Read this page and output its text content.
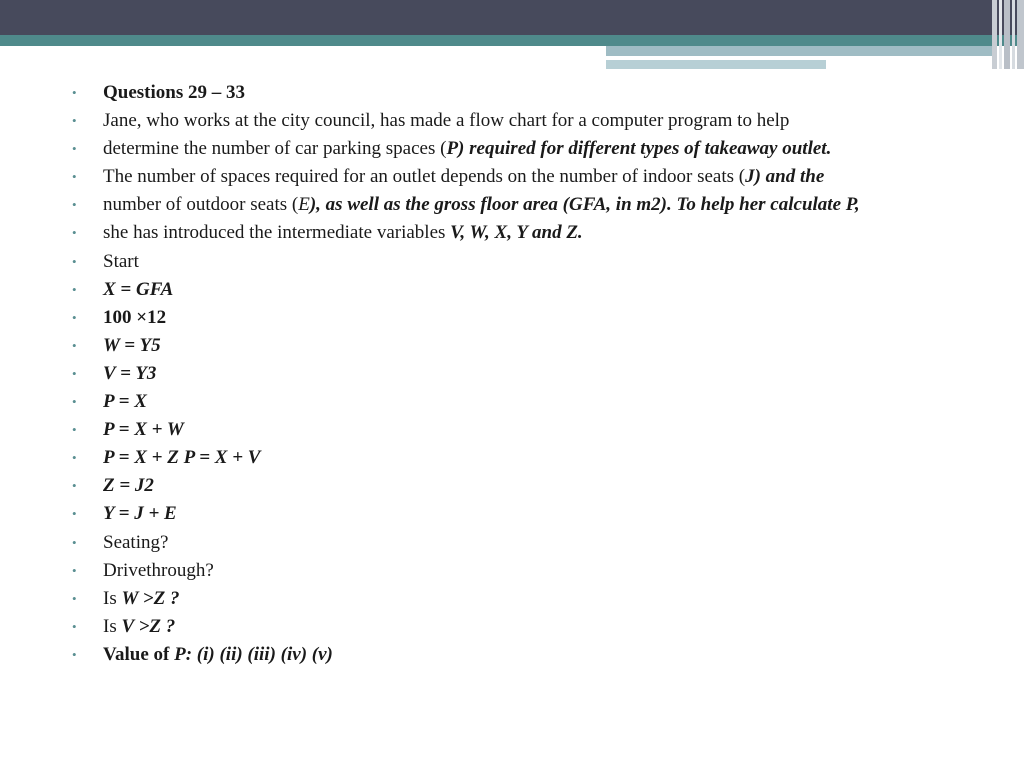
• Questions 29 – 33
• Jane, who works at the city council, has made a flow chart for a computer program to help
• determine the number of car parking spaces (P) required for different types of takeaway outlet.
• The number of spaces required for an outlet depends on the number of indoor seats (J) and the
• number of outdoor seats (E), as well as the gross floor area (GFA, in m2). To help her calculate P,
• she has introduced the intermediate variables V, W, X, Y and Z.
• Start
• X = GFA
• 100 ×12
• W = Y5
• V = Y3
• P = X
• P = X + W
• P = X + Z P = X + V
• Z = J2
• Y = J + E
• Seating?
• Drivethrough?
• Is W >Z ?
• Is V >Z ?
• Value of P: (i) (ii) (iii) (iv) (v)
